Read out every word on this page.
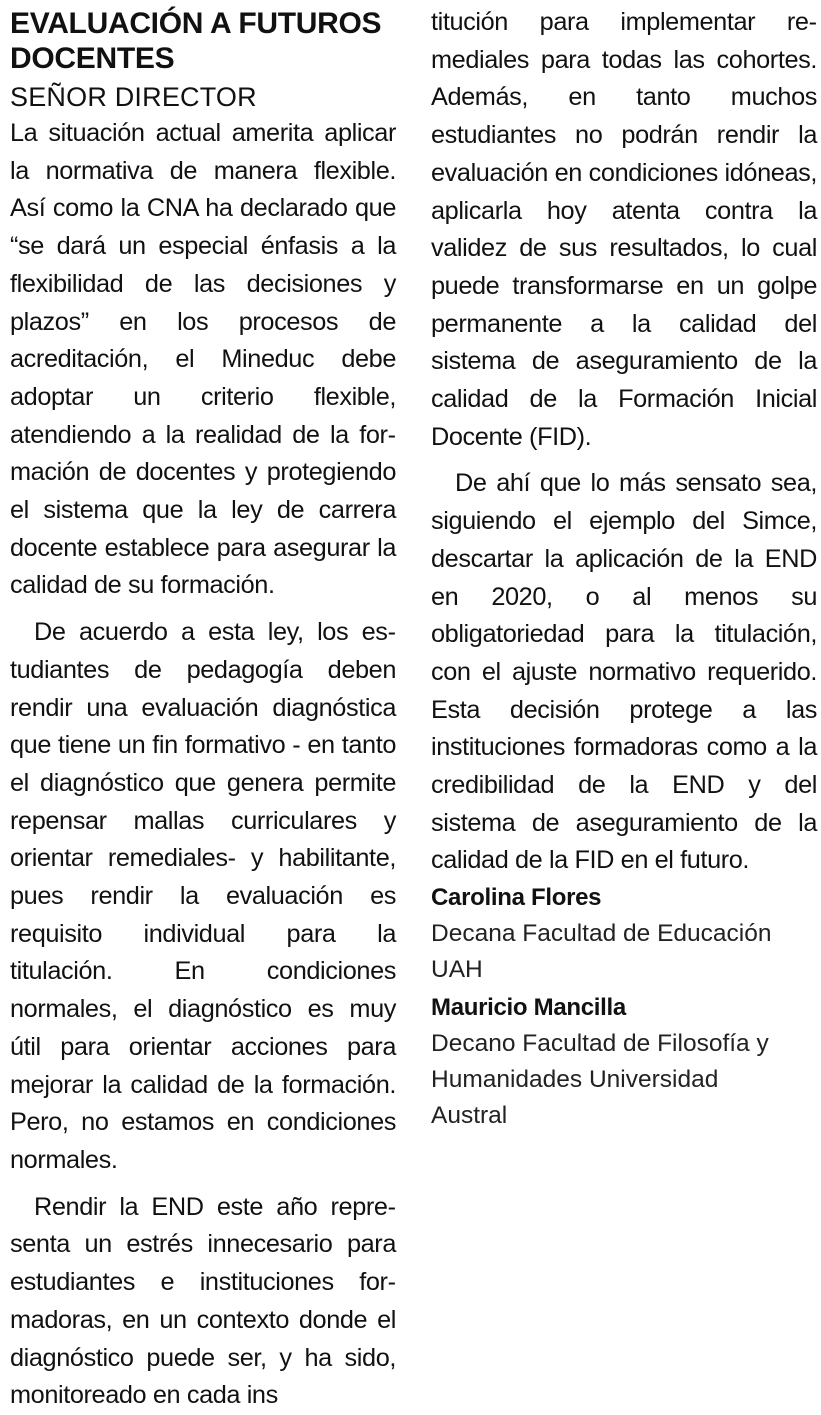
EVALUACIÓN A FUTUROS DOCENTES
SEÑOR DIRECTOR

La situación actual amerita aplicar la normativa de manera flexible. Así como la CNA ha declarado que “se dará un especial énfasis a la flexibilidad de las decisiones y plazos” en los procesos de acreditación, el Mineduc debe adoptar un criterio flexible, atendiendo a la realidad de la formación de docentes y protegiendo el sistema que la ley de carrera docente establece para asegurar la calidad de su formación.

De acuerdo a esta ley, los estudiantes de pedagogía deben rendir una evaluación diagnóstica que tiene un fin formativo - en tanto el diagnóstico que genera permite repensar mallas curriculares y orientar remediales- y habilitante, pues rendir la evaluación es requisito individual para la titulación. En condiciones normales, el diagnóstico es muy útil para orientar acciones para mejorar la calidad de la formación. Pero, no estamos en condiciones normales.

Rendir la END este año representa un estrés innecesario para estudiantes e instituciones formadoras, en un contexto donde el diagnóstico puede ser, y ha sido, monitoreado en cada ins

titución para implementar remediales para todas las cohortes. Además, en tanto muchos estudiantes no podrán rendir la evaluación en condiciones idóneas, aplicarla hoy atenta contra la validez de sus resultados, lo cual puede transformarse en un golpe permanente a la calidad del sistema de aseguramiento de la calidad de la Formación Inicial Docente (FID).

De ahí que lo más sensato sea, siguiendo el ejemplo del Simce, descartar la aplicación de la END en 2020, o al menos su obligatoriedad para la titulación, con el ajuste normativo requerido. Esta decisión protege a las instituciones formadoras como a la credibilidad de la END y del sistema de aseguramiento de la calidad de la FID en el futuro.

Carolina Flores
Decana Facultad de Educación UAH
Mauricio Mancilla
Decano Facultad de Filosofía y Humanidades Universidad Austral
